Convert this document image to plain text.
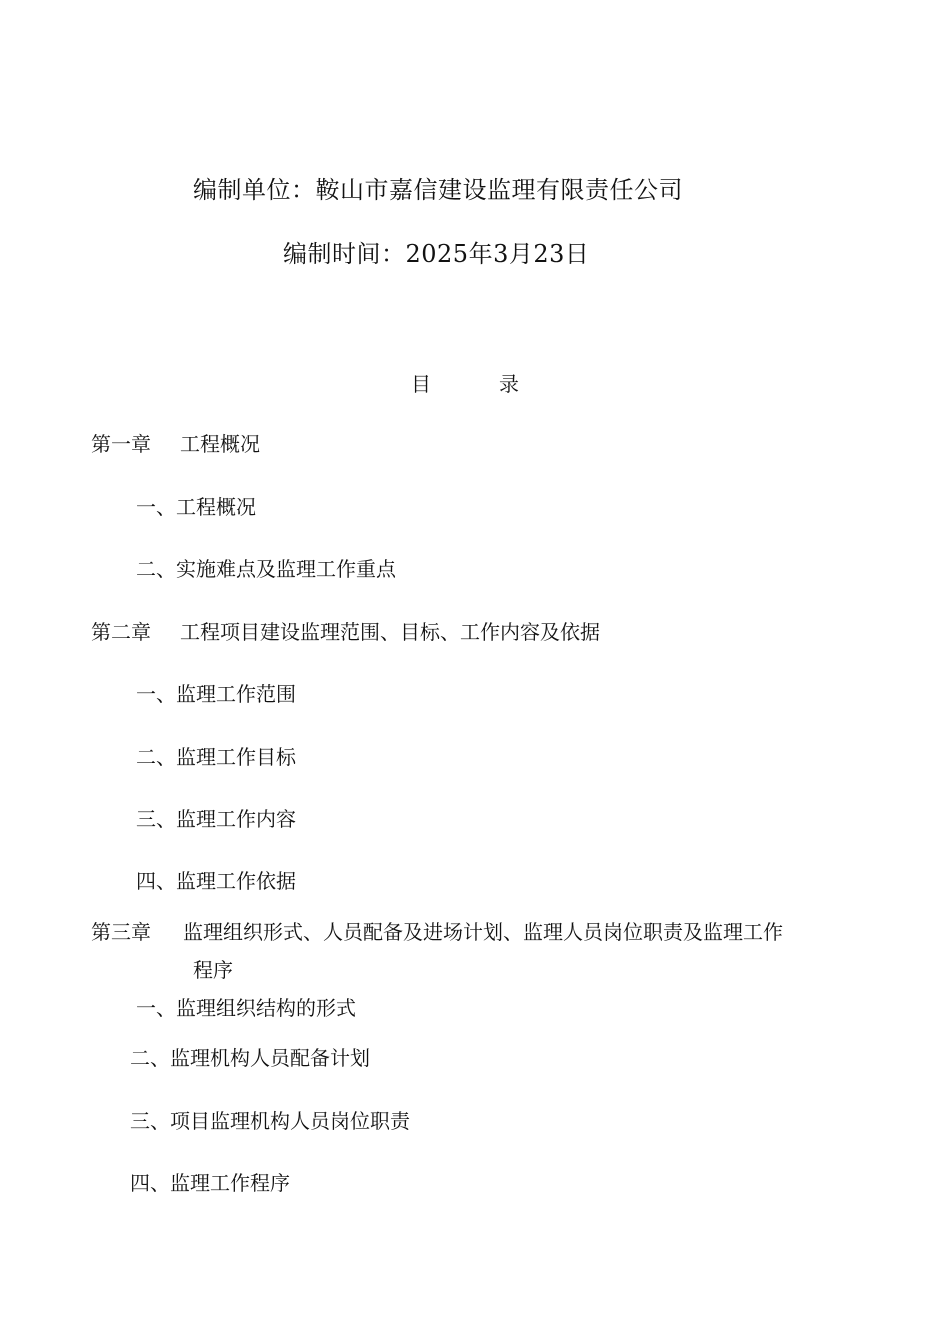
编制单位：鞍山市嘉信建设监理有限责任公司

编制时间：2025年3月23日

目	录
第一章 工程概况
一、工程概况
二、实施难点及监理工作重点
第二章 工程项目建设监理范围、目标、工作内容及依据
一、监理工作范围
二、监理工作目标
三、监理工作内容
四、监理工作依据
第三章 监理组织形式、人员配备及进场计划、监理人员岗位职责及监理工作
程序
一、监理组织结构的形式
二、监理机构人员配备计划
三、项目监理机构人员岗位职责
四、监理工作程序
